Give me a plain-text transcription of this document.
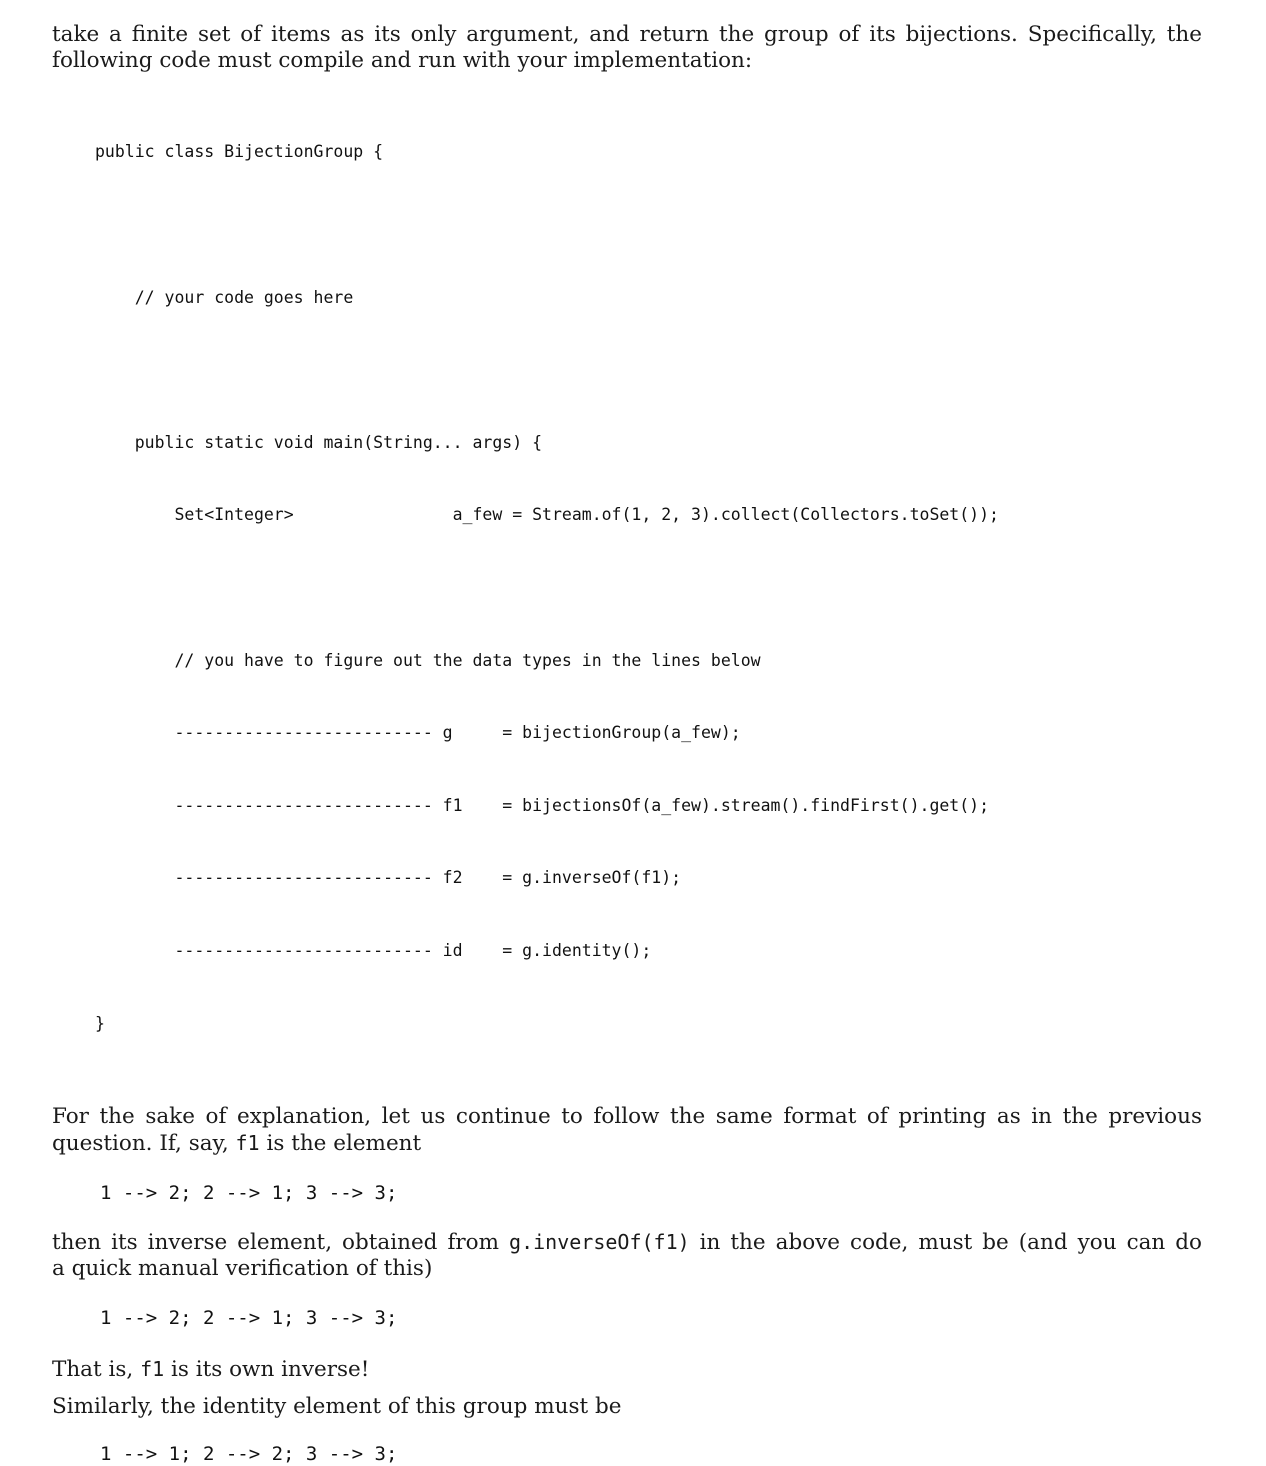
take a finite set of items as its only argument, and return the group of its bijections. Specifically, the
following code must compile and run with your implementation:

public class BijectionGroup {

// your code goes here

public static void main(String... args) {

Set<Integer>                a_few = Stream.of(1, 2, 3).collect(Collectors.toSet());

// you have to figure out the data types in the lines below

-------------------------- g     = bijectionGroup(a_few);

-------------------------- f1    = bijectionsOf(a_few).stream().findFirst().get();

-------------------------- f2    = g.inverseOf(f1);

-------------------------- id    = g.identity();

}

For the sake of explanation, let us continue to follow the same format of printing as in the previous
question. If, say, f1 is the element

1 --> 2; 2 --> 1; 3 --> 3;

then its inverse element, obtained from g.inverseOf(f1) in the above code, must be (and you can do
a quick manual verification of this)

1 --> 2; 2 --> 1; 3 --> 3;

That is, f1 is its own inverse!

Similarly, the identity element of this group must be

1 --> 1; 2 --> 2; 3 --> 3;
